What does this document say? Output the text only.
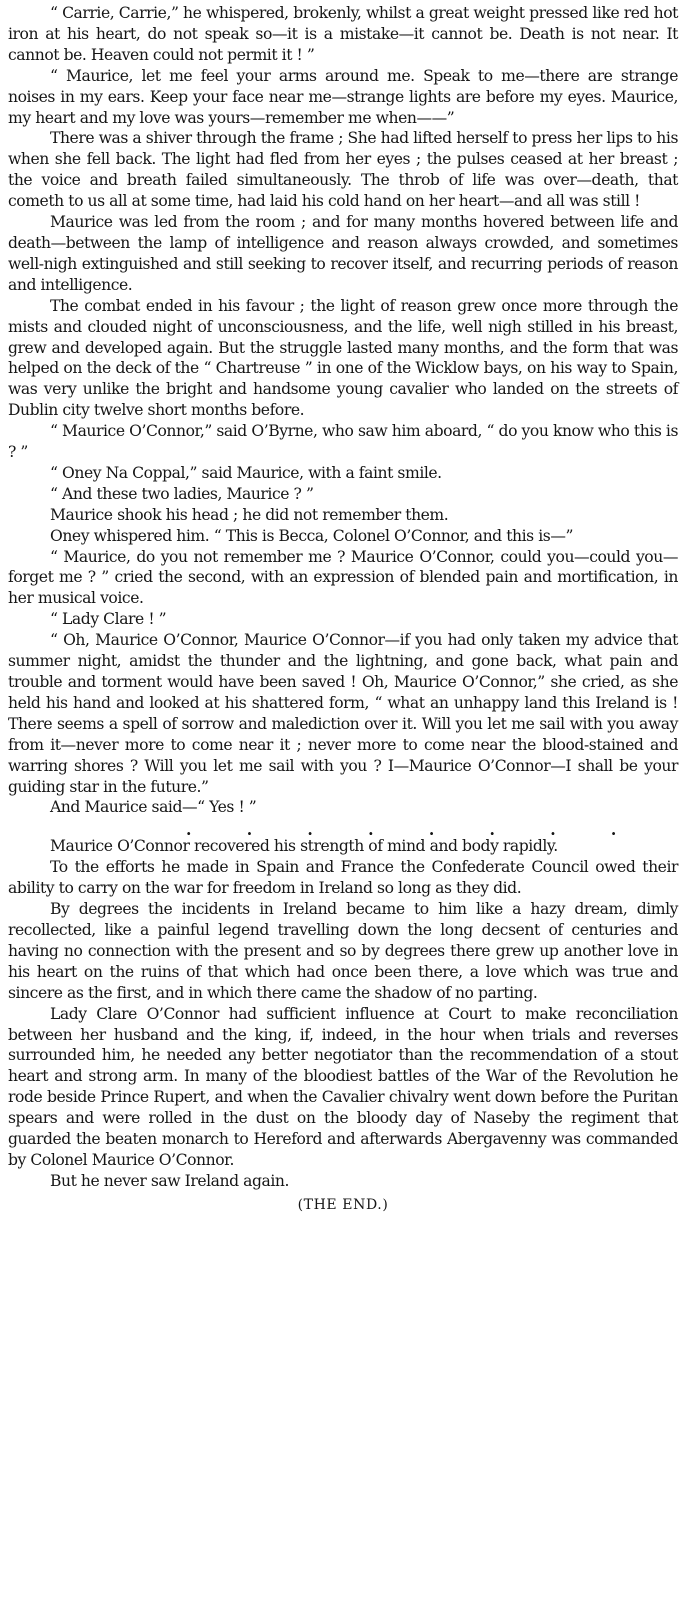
“ Carrie, Carrie,” he whispered, brokenly, whilst a great weight pressed like red hot iron at his heart, do not speak so—it is a mistake—it cannot be. Death is not near. It cannot be. Heaven could not permit it ! ”

“ Maurice, let me feel your arms around me. Speak to me—there are strange noises in my ears. Keep your face near me—strange lights are before my eyes. Maurice, my heart and my love was yours—remember me when——”

There was a shiver through the frame ; She had lifted herself to press her lips to his when she fell back. The light had fled from her eyes ; the pulses ceased at her breast ; the voice and breath failed simultaneously. The throb of life was over—death, that cometh to us all at some time, had laid his cold hand on her heart—and all was still !

Maurice was led from the room ; and for many months hovered between life and death—between the lamp of intelligence and reason always crowded, and sometimes well-nigh extinguished and still seeking to recover itself, and recurring periods of reason and intelligence.

The combat ended in his favour ; the light of reason grew once more through the mists and clouded night of unconsciousness, and the life, well nigh stilled in his breast, grew and developed again. But the struggle lasted many months, and the form that was helped on the deck of the “ Chartreuse ” in one of the Wicklow bays, on his way to Spain, was very unlike the bright and handsome young cavalier who landed on the streets of Dublin city twelve short months before.

“ Maurice O’Connor,” said O’Byrne, who saw him aboard, “ do you know who this is ? ”

“ Oney Na Coppal,” said Maurice, with a faint smile.

“ And these two ladies, Maurice ? ”

Maurice shook his head ; he did not remember them.

Oney whispered him. “ This is Becca, Colonel O’Connor, and this is—”

“ Maurice, do you not remember me ? Maurice O’Connor, could you—could you—forget me ? ” cried the second, with an expression of blended pain and mortification, in her musical voice.

“ Lady Clare ! ”

“ Oh, Maurice O’Connor, Maurice O’Connor—if you had only taken my advice that summer night, amidst the thunder and the lightning, and gone back, what pain and trouble and torment would have been saved ! Oh, Maurice O’Connor,” she cried, as she held his hand and looked at his shattered form, “ what an unhappy land this Ireland is ! There seems a spell of sorrow and malediction over it. Will you let me sail with you away from it—never more to come near it ; never more to come near the blood-stained and warring shores ? Will you let me sail with you ? I—Maurice O’Connor—I shall be your guiding star in the future.”

And Maurice said—“ Yes ! ”

.	.	.	.	.	.	.	.

Maurice O’Connor recovered his strength of mind and body rapidly.

To the efforts he made in Spain and France the Confederate Council owed their ability to carry on the war for freedom in Ireland so long as they did.

By degrees the incidents in Ireland became to him like a hazy dream, dimly recollected, like a painful legend travelling down the long decsent of centuries and having no connection with the present and so by degrees there grew up another love in his heart on the ruins of that which had once been there, a love which was true and sincere as the first, and in which there came the shadow of no parting.

Lady Clare O’Connor had sufficient influence at Court to make reconciliation between her husband and the king, if, indeed, in the hour when trials and reverses surrounded him, he needed any better negotiator than the recommendation of a stout heart and strong arm. In many of the bloodiest battles of the War of the Revolution he rode beside Prince Rupert, and when the Cavalier chivalry went down before the Puritan spears and were rolled in the dust on the bloody day of Naseby the regiment that guarded the beaten monarch to Hereford and afterwards Abergavenny was commanded by Colonel Maurice O’Connor.

But he never saw Ireland again.

(THE END.)
